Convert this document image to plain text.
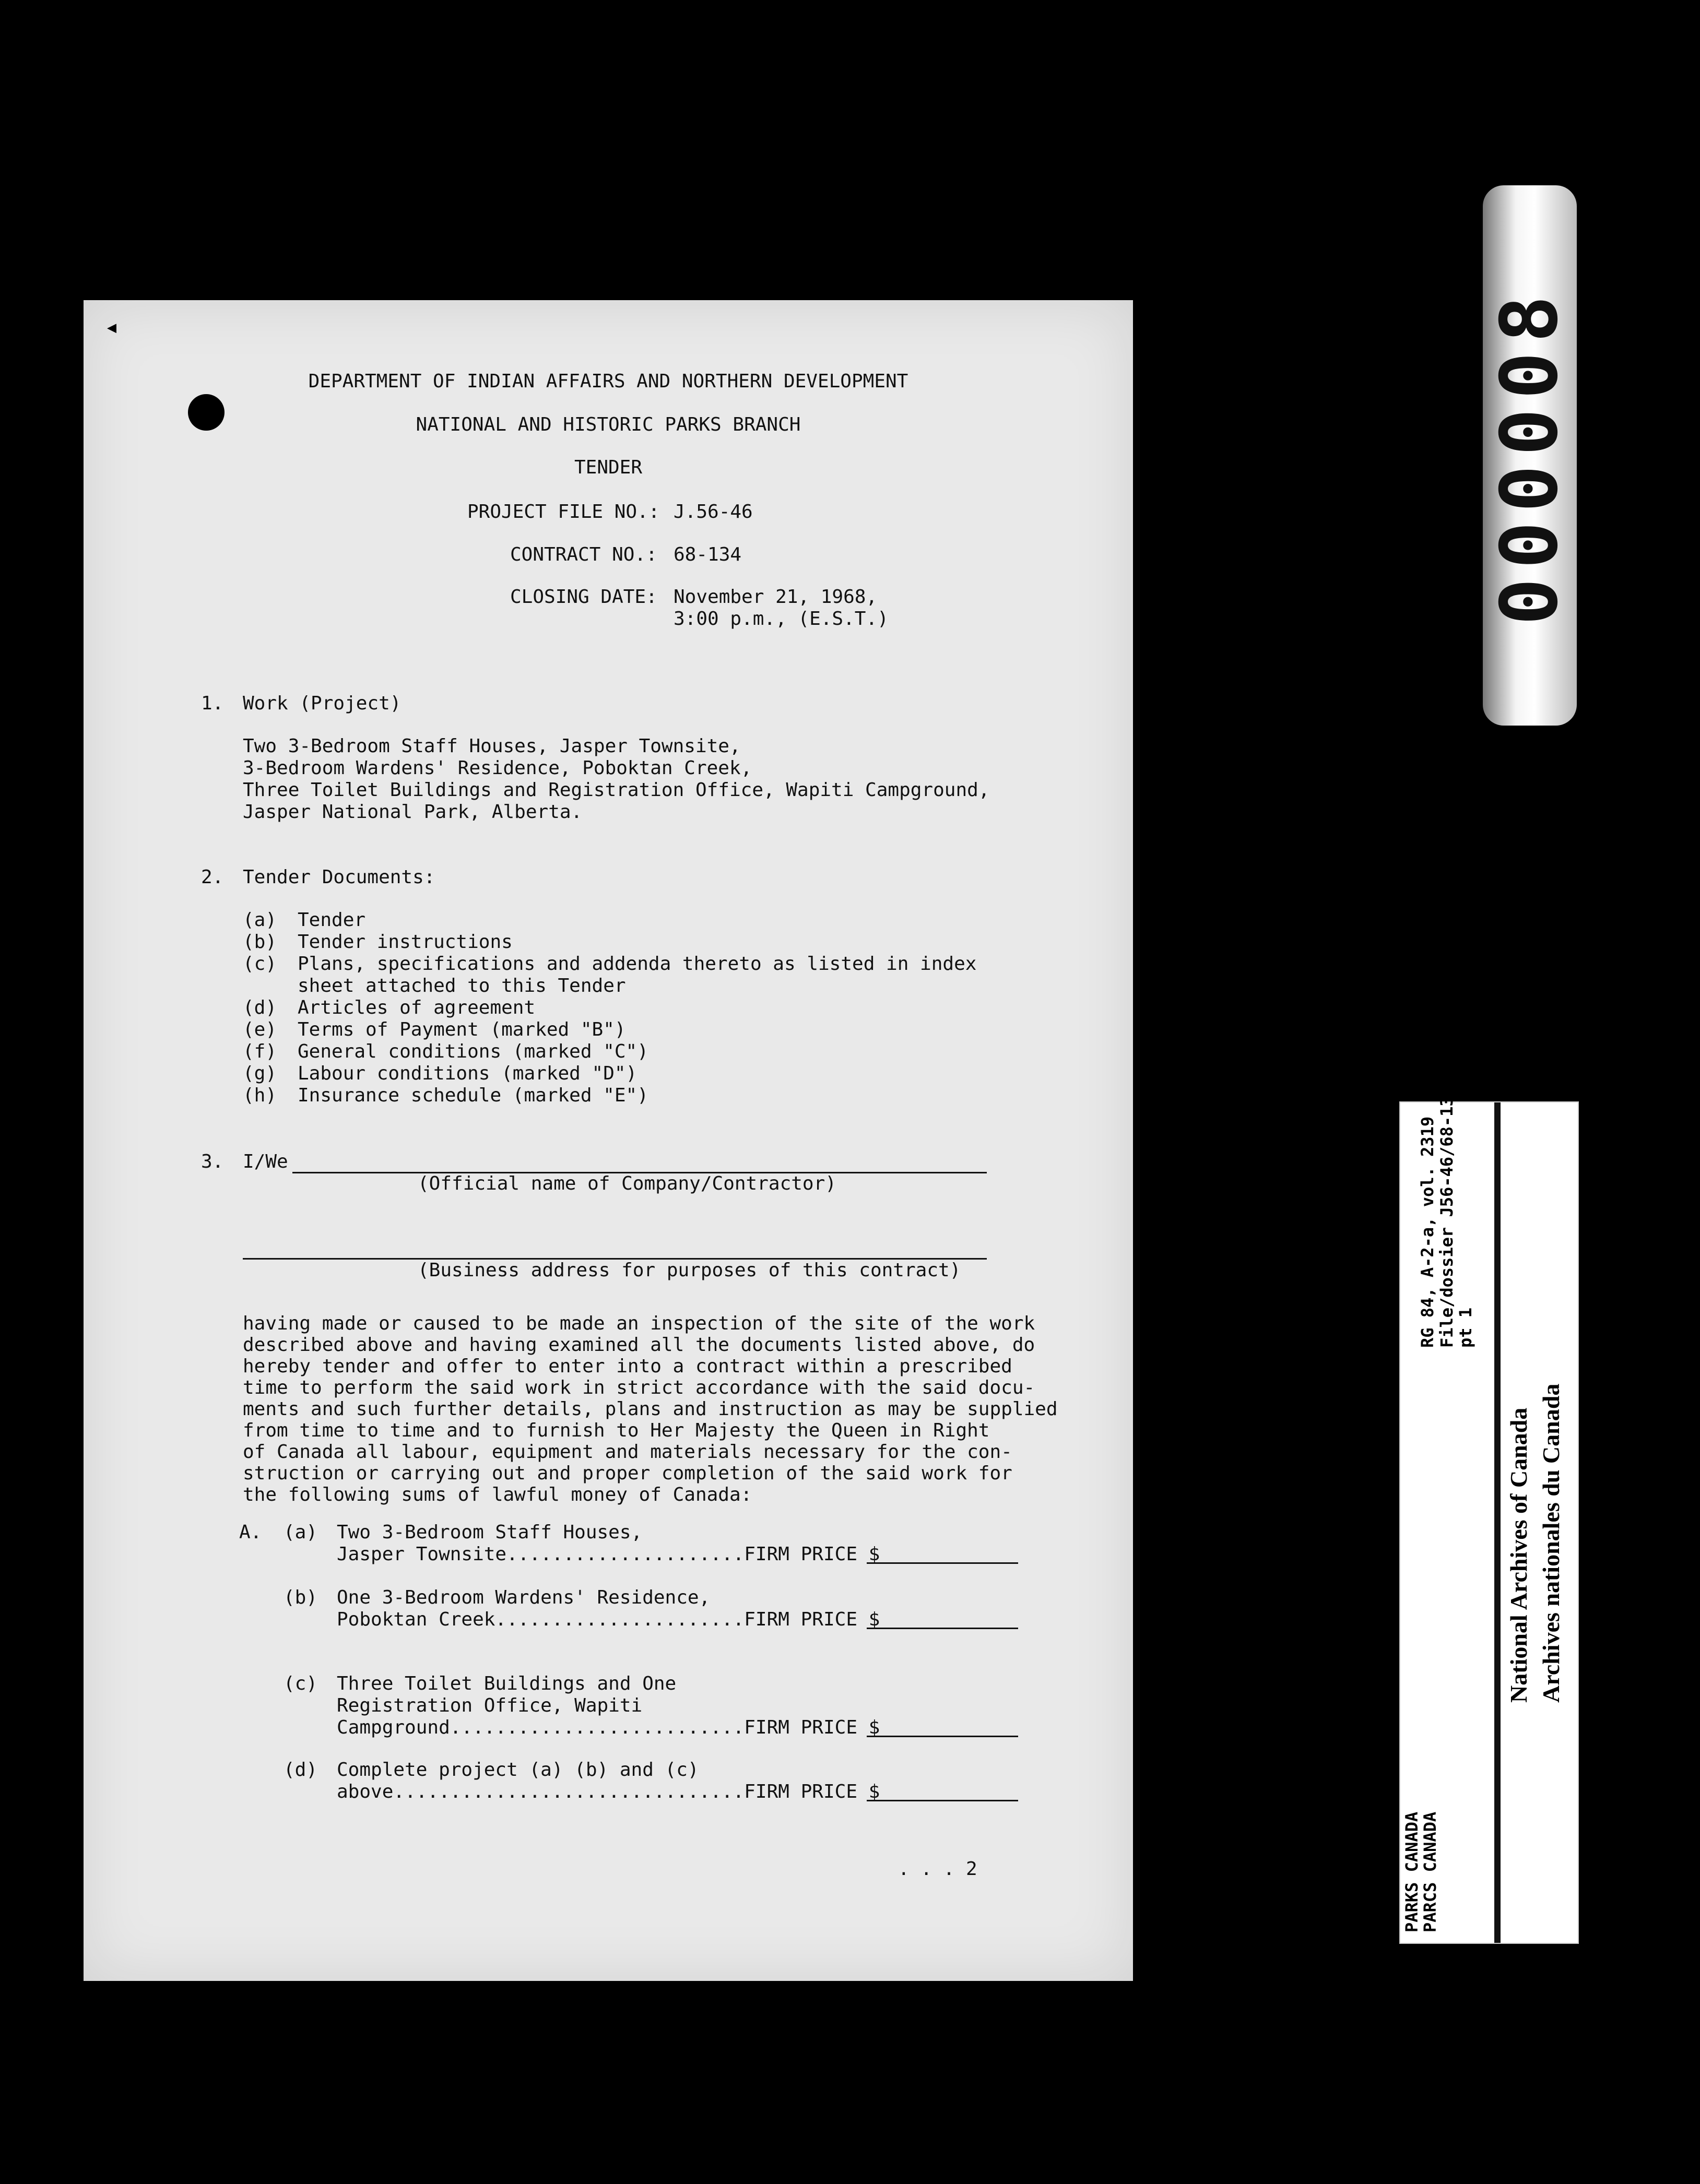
◀
DEPARTMENT OF INDIAN AFFAIRS AND NORTHERN DEVELOPMENT
NATIONAL AND HISTORIC PARKS BRANCH
TENDER
PROJECT FILE NO.: J.56-46
CONTRACT NO.: 68-134
CLOSING DATE: November 21, 1968,
3:00 p.m., (E.S.T.)
1. Work (Project)
Two 3-Bedroom Staff Houses, Jasper Townsite,
3-Bedroom Wardens' Residence, Poboktan Creek,
Three Toilet Buildings and Registration Office, Wapiti Campground,
Jasper National Park, Alberta.
2. Tender Documents:
(a) Tender
(b) Tender instructions
(c) Plans, specifications and addenda thereto as listed in index
sheet attached to this Tender
(d) Articles of agreement
(e) Terms of Payment (marked "B")
(f) General conditions (marked "C")
(g) Labour conditions (marked "D")
(h) Insurance schedule (marked "E")
3. I/We
(Official name of Company/Contractor)
(Business address for purposes of this contract)
having made or caused to be made an inspection of the site of the work
described above and having examined all the documents listed above, do
hereby tender and offer to enter into a contract within a prescribed
time to perform the said work in strict accordance with the said docu-
ments and such further details, plans and instruction as may be supplied
from time to time and to furnish to Her Majesty the Queen in Right
of Canada all labour, equipment and materials necessary for the con-
struction or carrying out and proper completion of the said work for
the following sums of lawful money of Canada:
A. (a) Two 3-Bedroom Staff Houses,
Jasper Townsite.....................FIRM PRICE $
(b) One 3-Bedroom Wardens' Residence,
Poboktan Creek......................FIRM PRICE $
(c) Three Toilet Buildings and One
Registration Office, Wapiti
Campground..........................FIRM PRICE $
(d) Complete project (a) (b) and (c)
above...............................FIRM PRICE $
. . . 2
000008
RG 84, A-2-a, vol. 2319 File/dossier J56-46/68-134
pt 1
PARKS CANADA
PARCS CANADA
National Archives of Canada Archives nationales du Canada
